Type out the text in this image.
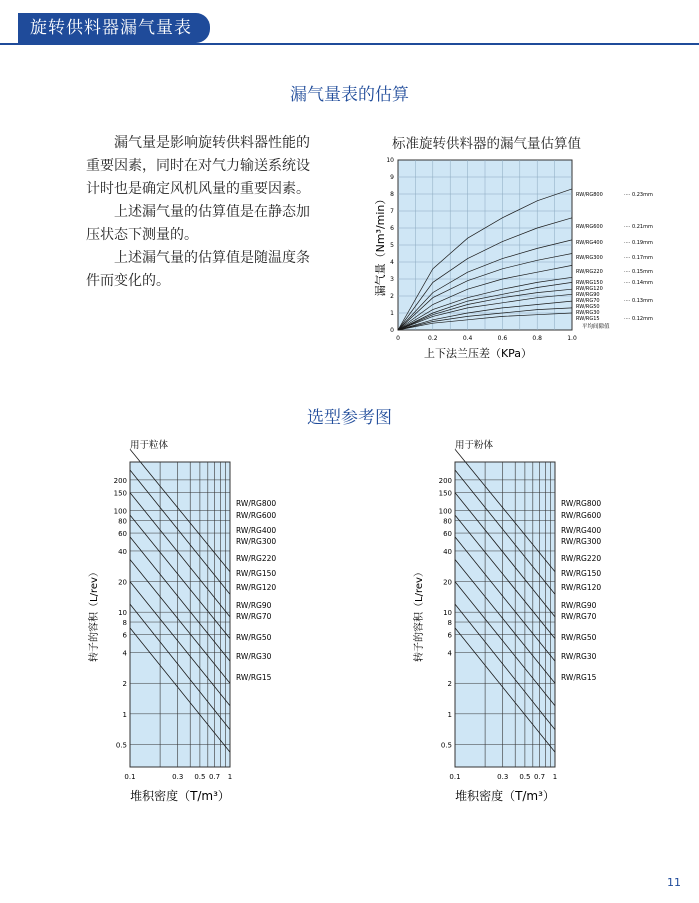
旋转供料器漏气量表
漏气量表的估算

漏气量是影响旋转供料器性能的重要因素，同时在对气力输送系统设计时也是确定风机风量的重要因素。

上述漏气量的估算值是在静态加压状态下测量的。

上述漏气量的估算值是随温度条件而变化的。

标准旋转供料器的漏气量估算值
0
1
2
3
4
5
6
7
8
9
10
0	0.2	0.4	0.6	0.8	1.0
上下法兰压差（KPa）
漏气量（Nm³/min）	RW/RG800	···· 0.23mm
RW/RG600	···· 0.21mm
RW/RG400	···· 0.19mm
RW/RG300	···· 0.17mm
RW/RG220	···· 0.15mm
RW/RG150	···· 0.14mm
RW/RG120
RW/RG90
RW/RG70	···· 0.13mm
RW/RG50
RW/RG30
RW/RG15	···· 0.12mm
平均间隙值
选型参考图
用于粒体
200
150
100
80
60
40
20
10
8
6
4
2
1
0.5
0.1	0.3 0.5 0.7 1
RW/RG800
RW/RG600
RW/RG400
RW/RG300
RW/RG220
RW/RG150
RW/RG120
RW/RG90
RW/RG70
RW/RG50
RW/RG30
RW/RG15
堆积密度（T/m³）
转子的容积（L/rev）
用于粉体
200
150
100
80
60
40
20
10
8
6
4
2
1
0.5
0.1	0.3 0.5 0.7 1
RW/RG800
RW/RG600
RW/RG400
RW/RG300
RW/RG220
RW/RG150
RW/RG120
RW/RG90
RW/RG70
RW/RG50
RW/RG30
RW/RG15
堆积密度（T/m³）
转子的容积（L/rev）
11
